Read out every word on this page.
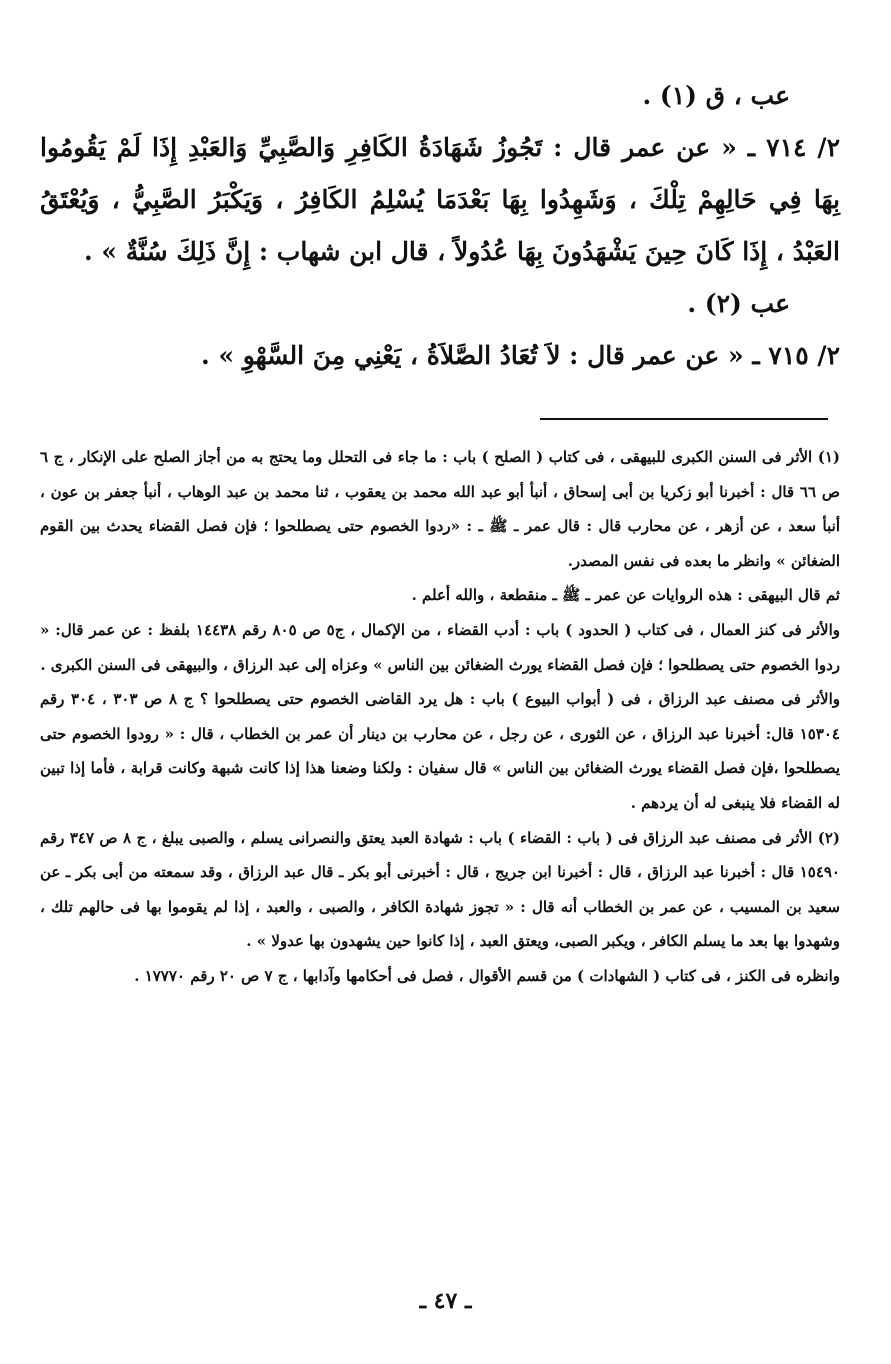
عب ، ق (١) .

٢/ ٧١٤ ـ « عن عمر قال : تَجُوزُ شَهَادَةُ الكَافِرِ وَالصَّبِيِّ وَالعَبْدِ إِذَا لَمْ يَقُومُوا بِهَا فِي حَالِهِمْ تِلْكَ ، وَشَهِدُوا بِهَا بَعْدَمَا يُسْلِمُ الكَافِرُ ، وَيَكْبَرُ الصَّبِيُّ ، وَيُعْتَقُ العَبْدُ ، إِذَا كَانَ حِينَ يَشْهَدُونَ بِهَا عُدُولاً ، قال ابن شهاب : إِنَّ ذَلِكَ سُنَّةٌ » .

عب (٢) .

٢/ ٧١٥ ـ « عن عمر قال : لاَ تُعَادُ الصَّلاَةُ ، يَعْنِي مِنَ السَّهْوِ » .

(١) الأثر فى السنن الكبرى للبيهقى ، فى كتاب ( الصلح ) باب : ما جاء فى التحلل وما يحتج به من أجاز الصلح على الإنكار ، ج ٦ ص ٦٦ قال : أخبرنا أبو زكريا بن أبى إسحاق ، أنبأ أبو عبد الله محمد بن يعقوب ، ثنا محمد بن عبد الوهاب ، أنبأ جعفر بن عون ، أنبأ سعد ، عن أزهر ، عن محارب قال : قال عمر ـ ﷺ ـ : «ردوا الخصوم حتى يصطلحوا ؛ فإن فصل القضاء يحدث بين القوم الضغائن » وانظر ما بعده فى نفس المصدر.

ثم قال البيهقى : هذه الروايات عن عمر ـ ﷺ ـ منقطعة ، والله أعلم .

والأثر فى كنز العمال ، فى كتاب ( الحدود ) باب : أدب القضاء ، من الإكمال ، ج٥ ص ٨٠٥ رقم ١٤٤٣٨ بلفظ : عن عمر قال: « ردوا الخصوم حتى يصطلحوا ؛ فإن فصل القضاء يورث الضغائن بين الناس » وعزاه إلى عبد الرزاق ، والبيهقى فى السنن الكبرى .

والأثر فى مصنف عبد الرزاق ، فى ( أبواب البيوع ) باب : هل يرد القاضى الخصوم حتى يصطلحوا ؟ ج ٨ ص ٣٠٣ ، ٣٠٤ رقم ١٥٣٠٤ قال: أخبرنا عبد الرزاق ، عن الثورى ، عن رجل ، عن محارب بن دينار أن عمر بن الخطاب ، قال : « رودوا الخصوم حتى يصطلحوا ،فإن فصل القضاء يورث الضغائن بين الناس » قال سفيان : ولكنا وضعنا هذا إذا كانت شبهة وكانت قرابة ، فأما إذا تبين له القضاء فلا ينبغى له أن يردهم .

(٢) الأثر فى مصنف عبد الرزاق فى ( باب : القضاء ) باب : شهادة العبد يعتق والنصرانى يسلم ، والصبى يبلغ ، ج ٨ ص ٣٤٧ رقم ١٥٤٩٠ قال : أخبرنا عبد الرزاق ، قال : أخبرنا ابن جريج ، قال : أخبرنى أبو بكر ـ قال عبد الرزاق ، وقد سمعته من أبى بكر ـ عن سعيد بن المسيب ، عن عمر بن الخطاب أنه قال : « تجوز شهادة الكافر ، والصبى ، والعبد ، إذا لم يقوموا بها فى حالهم تلك ، وشهدوا بها بعد ما يسلم الكافر ، ويكبر الصبى، ويعتق العبد ، إذا كانوا حين يشهدون بها عدولا » .

وانظره فى الكنز ، فى كتاب ( الشهادات ) من قسم الأقوال ، فصل فى أحكامها وآدابها ، ج ٧ ص ٢٠ رقم ١٧٧٧٠ .

ـ ٤٧ ـ
